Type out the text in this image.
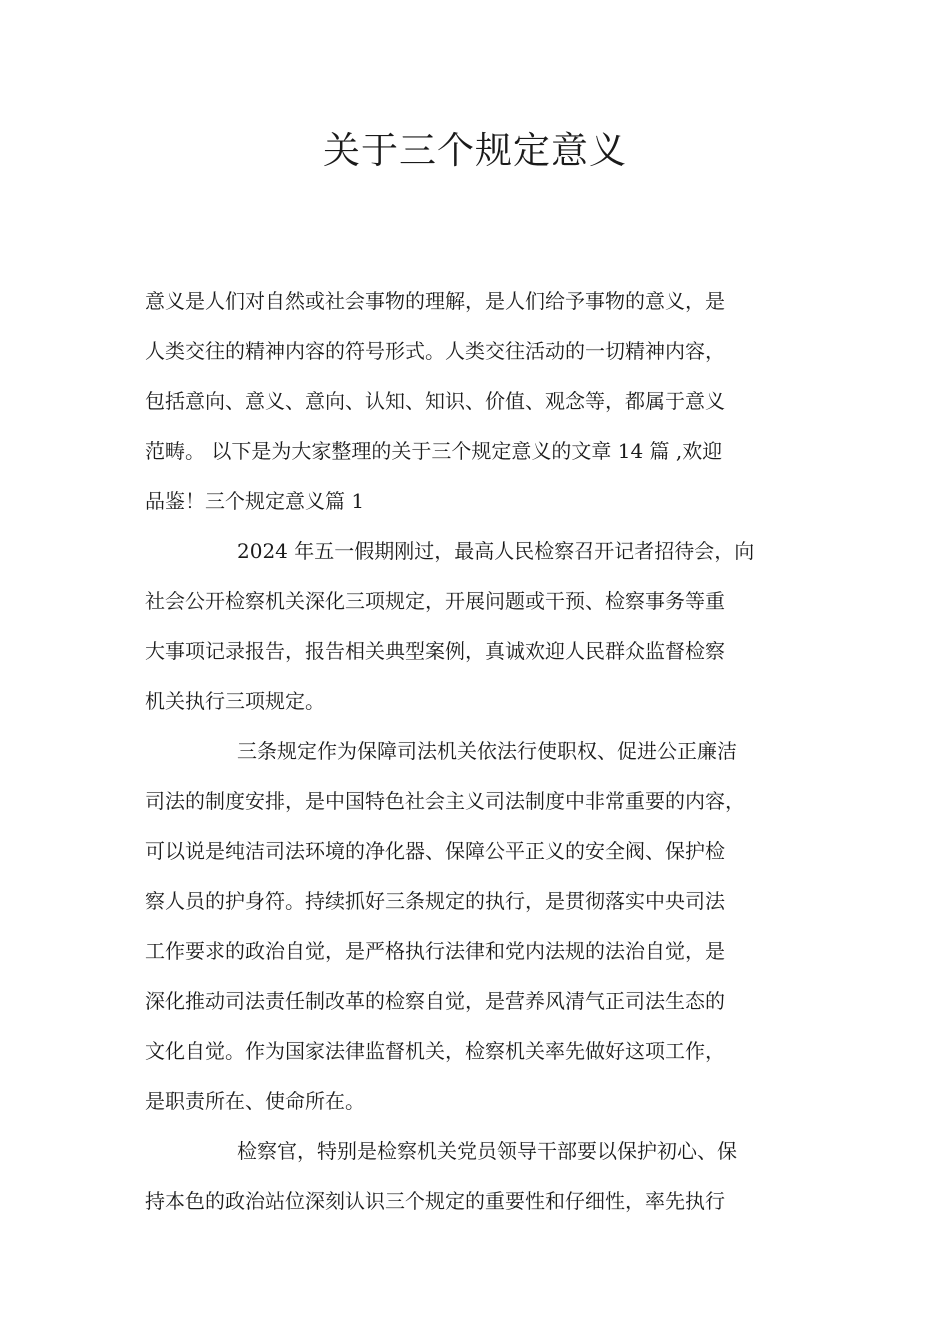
关于三个规定意义

意义是人们对自然或社会事物的理解，是人们给予事物的意义，是
人类交往的精神内容的符号形式。人类交往活动的一切精神内容，
包括意向、意义、意向、认知、知识、价值、观念等，都属于意义
范畴。 以下是为大家整理的关于三个规定意义的文章 14 篇 ,欢迎
品鉴！三个规定意义篇 1

2024 年五一假期刚过，最高人民检察召开记者招待会，向
社会公开检察机关深化三项规定，开展问题或干预、检察事务等重
大事项记录报告，报告相关典型案例，真诚欢迎人民群众监督检察
机关执行三项规定。

三条规定作为保障司法机关依法行使职权、促进公正廉洁
司法的制度安排，是中国特色社会主义司法制度中非常重要的内容，
可以说是纯洁司法环境的净化器、保障公平正义的安全阀、保护检
察人员的护身符。持续抓好三条规定的执行，是贯彻落实中央司法
工作要求的政治自觉，是严格执行法律和党内法规的法治自觉，是
深化推动司法责任制改革的检察自觉，是营养风清气正司法生态的
文化自觉。作为国家法律监督机关，检察机关率先做好这项工作，
是职责所在、使命所在。

检察官，特别是检察机关党员领导干部要以保护初心、保
持本色的政治站位深刻认识三个规定的重要性和仔细性，率先执行
